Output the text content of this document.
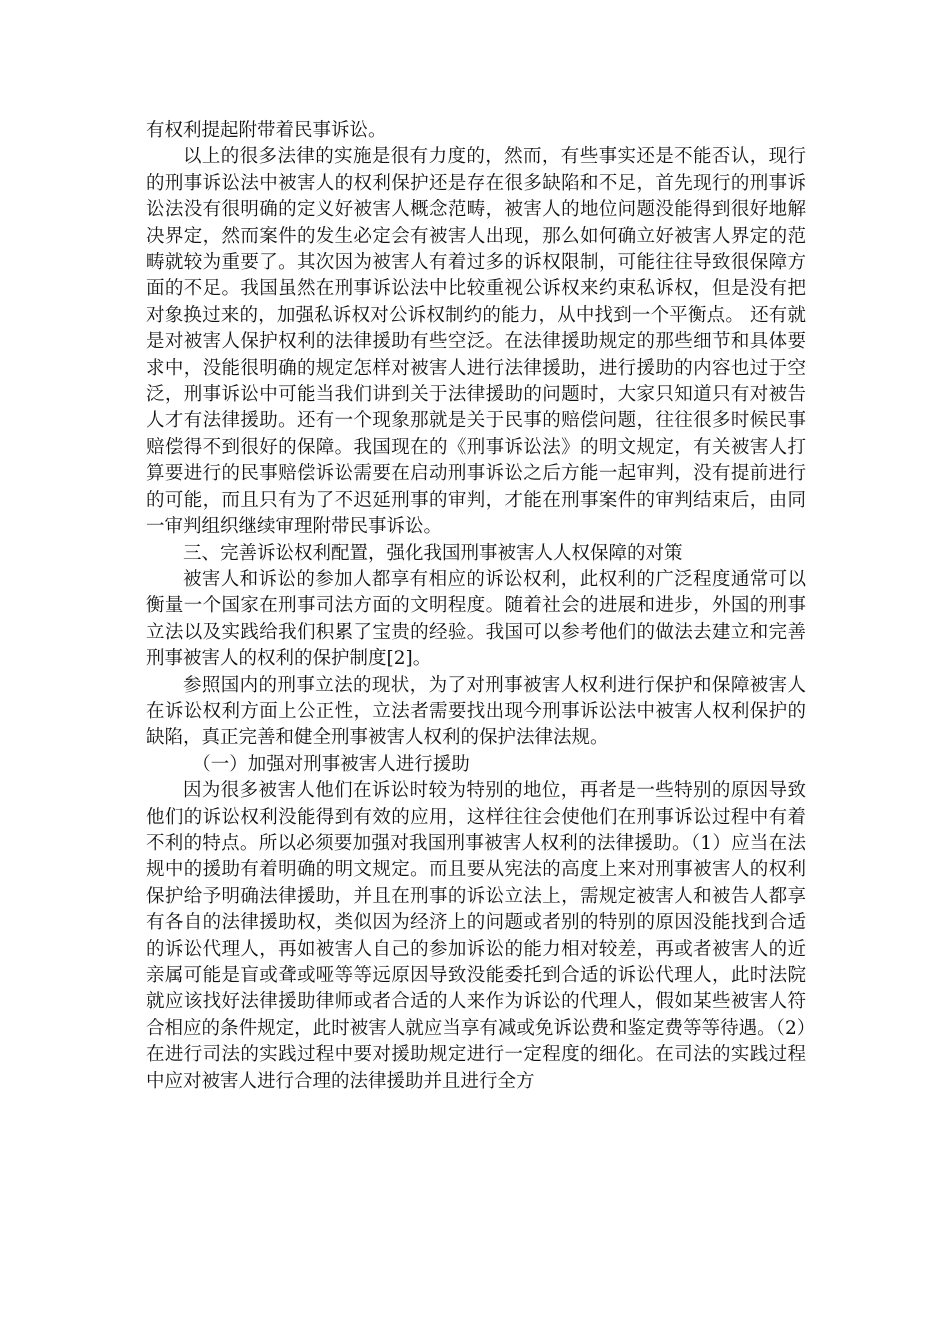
有权利提起附带着民事诉讼。

以上的很多法律的实施是很有力度的，然而，有些事实还是不能否认，现行的刑事诉讼法中被害人的权利保护还是存在很多缺陷和不足，首先现行的刑事诉讼法没有很明确的定义好被害人概念范畴，被害人的地位问题没能得到很好地解决界定，然而案件的发生必定会有被害人出现，那么如何确立好被害人界定的范畴就较为重要了。其次因为被害人有着过多的诉权限制，可能往往导致很保障方面的不足。我国虽然在刑事诉讼法中比较重视公诉权来约束私诉权，但是没有把对象换过来的，加强私诉权对公诉权制约的能力，从中找到一个平衡点。 还有就是对被害人保护权利的法律援助有些空泛。在法律援助规定的那些细节和具体要求中，没能很明确的规定怎样对被害人进行法律援助，进行援助的内容也过于空泛，刑事诉讼中可能当我们讲到关于法律援助的问题时，大家只知道只有对被告人才有法律援助。还有一个现象那就是关于民事的赔偿问题，往往很多时候民事赔偿得不到很好的保障。我国现在的《刑事诉讼法》的明文规定，有关被害人打算要进行的民事赔偿诉讼需要在启动刑事诉讼之后方能一起审判，没有提前进行的可能，而且只有为了不迟延刑事的审判，才能在刑事案件的审判结束后，由同一审判组织继续审理附带民事诉讼。

三、完善诉讼权利配置，强化我国刑事被害人人权保障的对策

被害人和诉讼的参加人都享有相应的诉讼权利，此权利的广泛程度通常可以衡量一个国家在刑事司法方面的文明程度。随着社会的进展和进步，外国的刑事立法以及实践给我们积累了宝贵的经验。我国可以参考他们的做法去建立和完善刑事被害人的权利的保护制度[2]。

参照国内的刑事立法的现状，为了对刑事被害人权利进行保护和保障被害人在诉讼权利方面上公正性，立法者需要找出现今刑事诉讼法中被害人权利保护的缺陷，真正完善和健全刑事被害人权利的保护法律法规。

（一）加强对刑事被害人进行援助

因为很多被害人他们在诉讼时较为特别的地位，再者是一些特别的原因导致他们的诉讼权利没能得到有效的应用，这样往往会使他们在刑事诉讼过程中有着不利的特点。所以必须要加强对我国刑事被害人权利的法律援助。（1）应当在法规中的援助有着明确的明文规定。而且要从宪法的高度上来对刑事被害人的权利保护给予明确法律援助，并且在刑事的诉讼立法上，需规定被害人和被告人都享有各自的法律援助权，类似因为经济上的问题或者别的特别的原因没能找到合适的诉讼代理人，再如被害人自己的参加诉讼的能力相对较差，再或者被害人的近亲属可能是盲或聋或哑等等远原因导致没能委托到合适的诉讼代理人，此时法院就应该找好法律援助律师或者合适的人来作为诉讼的代理人，假如某些被害人符合相应的条件规定，此时被害人就应当享有减或免诉讼费和鉴定费等等待遇。（2）在进行司法的实践过程中要对援助规定进行一定程度的细化。在司法的实践过程中应对被害人进行合理的法律援助并且进行全方
